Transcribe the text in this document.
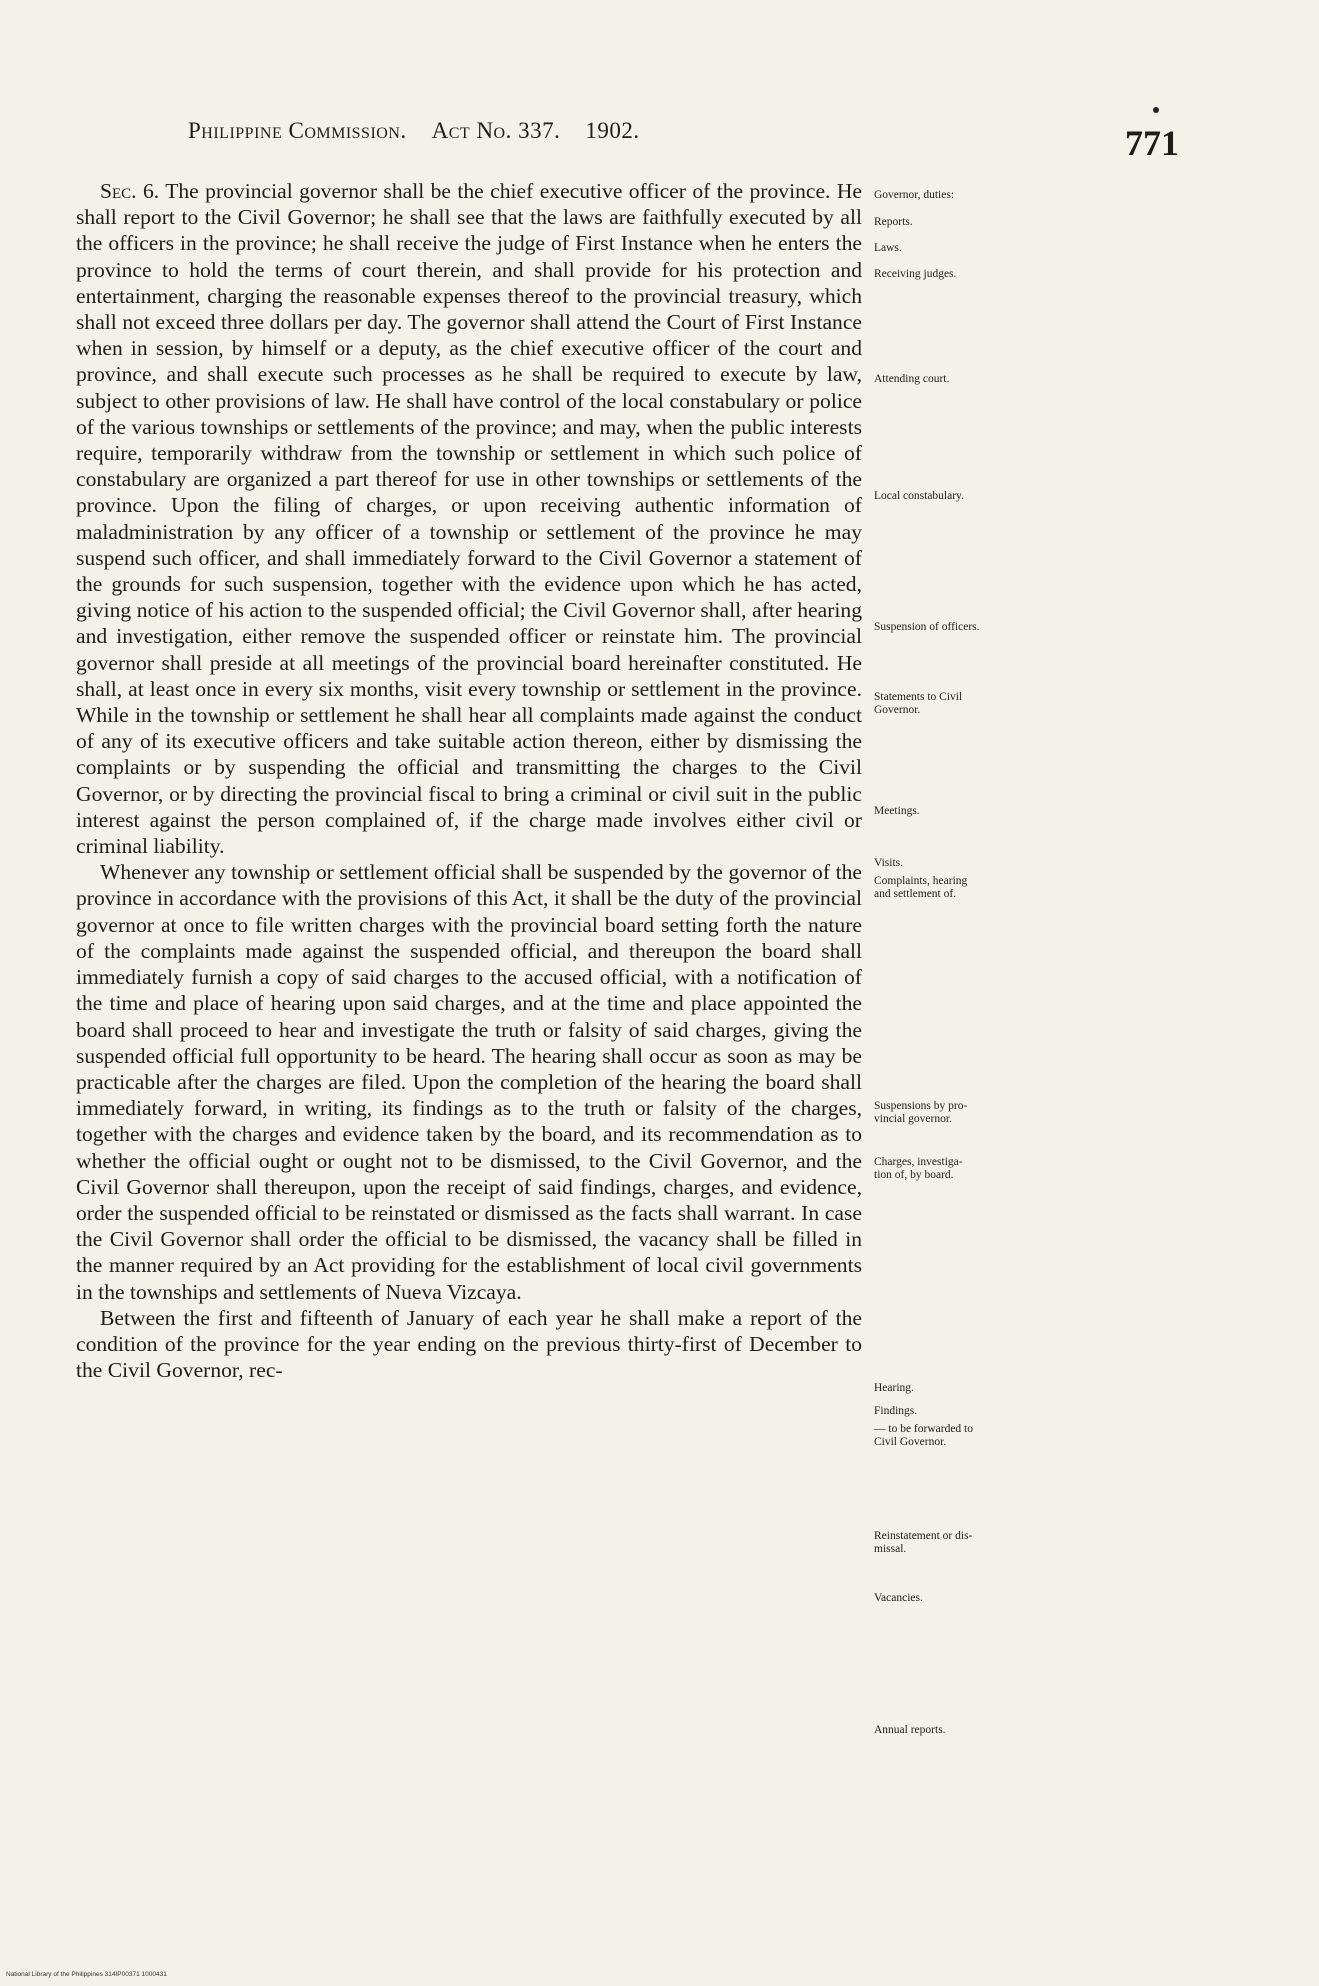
Philippine Commission. Act No. 337. 1902.	771

Sec. 6. The provincial governor shall be the chief executive officer of the province. He shall report to the Civil Governor; he shall see that the laws are faithfully executed by all the officers in the province; he shall receive the judge of First Instance when he enters the province to hold the terms of court therein, and shall provide for his protection and entertainment, charging the reasonable expenses thereof to the provincial treasury, which shall not exceed three dollars per day. The governor shall attend the Court of First Instance when in session, by himself or a deputy, as the chief executive officer of the court and province, and shall execute such processes as he shall be required to execute by law, subject to other provisions of law. He shall have control of the local constabulary or police of the various townships or settlements of the province; and may, when the public interests require, temporarily withdraw from the township or settlement in which such police of constabulary are organized a part thereof for use in other townships or settlements of the province. Upon the filing of charges, or upon receiving authentic information of maladministration by any officer of a township or settlement of the province he may suspend such officer, and shall immediately forward to the Civil Governor a statement of the grounds for such suspension, together with the evidence upon which he has acted, giving notice of his action to the suspended official; the Civil Governor shall, after hearing and investigation, either remove the suspended officer or reinstate him. The provincial governor shall preside at all meetings of the provincial board hereinafter constituted. He shall, at least once in every six months, visit every township or settlement in the province. While in the township or settlement he shall hear all complaints made against the conduct of any of its executive officers and take suitable action thereon, either by dismissing the complaints or by suspending the official and transmitting the charges to the Civil Governor, or by directing the provincial fiscal to bring a criminal or civil suit in the public interest against the person complained of, if the charge made involves either civil or criminal liability.

Whenever any township or settlement official shall be suspended by the governor of the province in accordance with the provisions of this Act, it shall be the duty of the provincial governor at once to file written charges with the provincial board setting forth the nature of the complaints made against the suspended official, and thereupon the board shall immediately furnish a copy of said charges to the accused official, with a notification of the time and place of hearing upon said charges, and at the time and place appointed the board shall proceed to hear and investigate the truth or falsity of said charges, giving the suspended official full opportunity to be heard. The hearing shall occur as soon as may be practicable after the charges are filed. Upon the completion of the hearing the board shall immediately forward, in writing, its findings as to the truth or falsity of the charges, together with the charges and evidence taken by the board, and its recommendation as to whether the official ought or ought not to be dismissed, to the Civil Governor, and the Civil Governor shall thereupon, upon the receipt of said findings, charges, and evidence, order the suspended official to be reinstated or dismissed as the facts shall warrant. In case the Civil Governor shall order the official to be dismissed, the vacancy shall be filled in the manner required by an Act providing for the establishment of local civil governments in the townships and settlements of Nueva Vizcaya.

Between the first and fifteenth of January of each year he shall make a report of the condition of the province for the year ending on the previous thirty-first of December to the Civil Governor, rec-

Governor, duties:
Reports.
Laws.
Receiving judges.
Attending court.
Local constabulary.
Suspension of officers.
Statements to Civil
Governor.
Meetings.
Visits.
Complaints, hearing
and settlement of.
Suspensions by pro-
vincial governor.
Charges, investiga-
tion of, by board.
Hearing.
Findings.
— to be forwarded to
Civil Governor.
Reinstatement or dis-
missal.
Vacancies.
Annual reports.
National Library of the Philippines 314IP00371 1000431
